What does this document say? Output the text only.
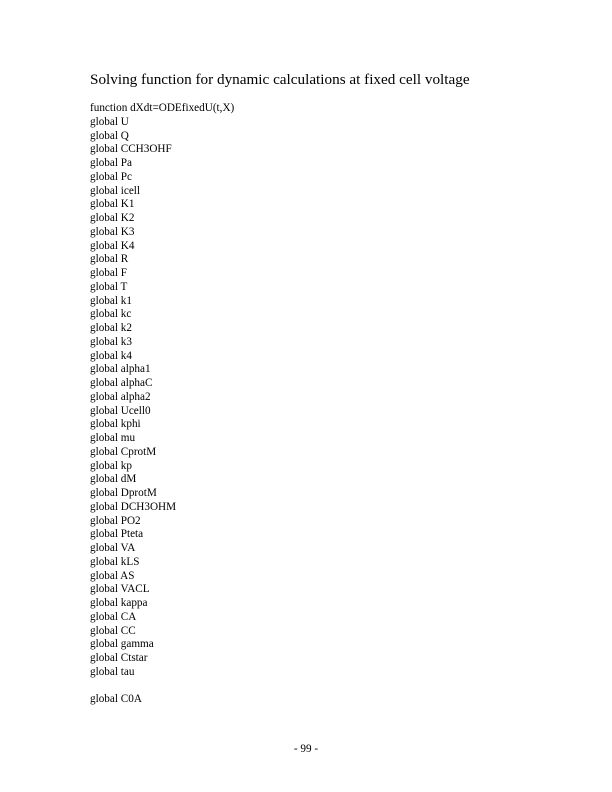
Solving function for dynamic calculations at fixed cell voltage
function dXdt=ODEfixedU(t,X)
global U
global Q
global CCH3OHF
global Pa
global Pc
global icell
global K1
global K2
global K3
global K4
global R
global F
global T
global k1
global kc
global k2
global k3
global k4
global alpha1
global alphaC
global alpha2
global Ucell0
global kphi
global mu
global CprotM
global kp
global dM
global DprotM
global DCH3OHM
global PO2
global Pteta
global VA
global kLS
global AS
global VACL
global kappa
global CA
global CC
global gamma
global Ctstar
global tau
global C0A
- 99 -
